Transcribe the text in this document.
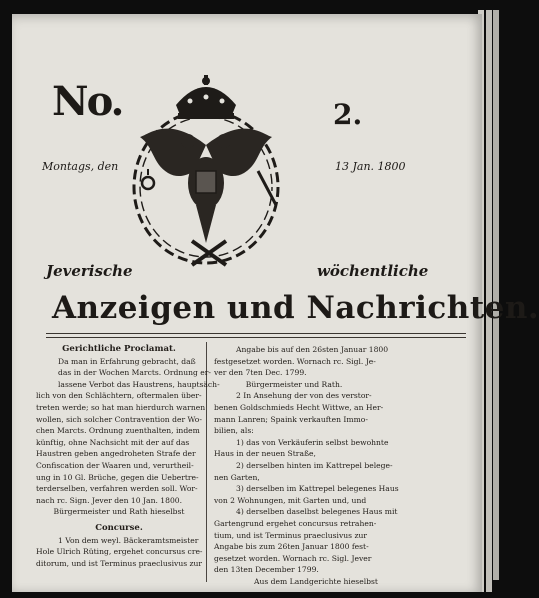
No.	2.
Montags, den	13 Jan. 1800
Jeverische	wöchentliche
Anzeigen und Nachrichten.
Gerichtliche Proclamat.
Da man in Erfahrung gebracht, daß
das in der Wochen Marcts. Ordnung er-
lassene Verbot das Haustrens, hauptsäch-
lich von den Schlächtern, oftermalen über-
treten werde; so hat man hierdurch warnen
wollen, sich solcher Contravention der Wo-
chen Marcts. Ordnung zuenthalten, indem
künftig, ohne Nachsicht mit der auf das
Haustren geben angedroheten Strafe der
Confiscation der Waaren und, verurtheil-
ung in 10 Gl. Brüche, gegen die Uebertre-
terderselben, verfahren werden soll. Wor-
nach rc. Sign. Jever den 10 Jan. 1800.
Bürgermeister und Rath hieselbst
Concurse.
1 Von dem weyl. Bäckeramtsmeister
Hole Ulrich Rüting, ergehet concursus cre-
ditorum, und ist Terminus praeclusivus zur
Angabe bis auf den 26sten Januar 1800
festgesetzet worden. Wornach rc. Sigl. Je-
ver den 7ten Dec. 1799.
Bürgermeister und Rath.
2 In Ansehung der von des verstor-
benen Goldschmieds Hecht Wittwe, an Her-
mann Lanren; Spaink verkauften Immo-
bilien, als:
1) das von Verkäuferin selbst bewohnte
Haus in der neuen Straße,
2) derselben hinten im Kattrepel belege-
nen Garten,
3) derselben im Kattrepel belegenes Haus
von 2 Wohnungen, mit Garten und, und
4) derselben daselbst belegenes Haus mit
Gartengrund ergehet concursus retrahen-
tium, und ist Terminus praeclusivus zur
Angabe bis zum 26ten Januar 1800 fest-
gesetzet worden. Wornach rc. Sigl. Jever
den 13ten December 1799.
Aus dem Landgerichte hieselbst
